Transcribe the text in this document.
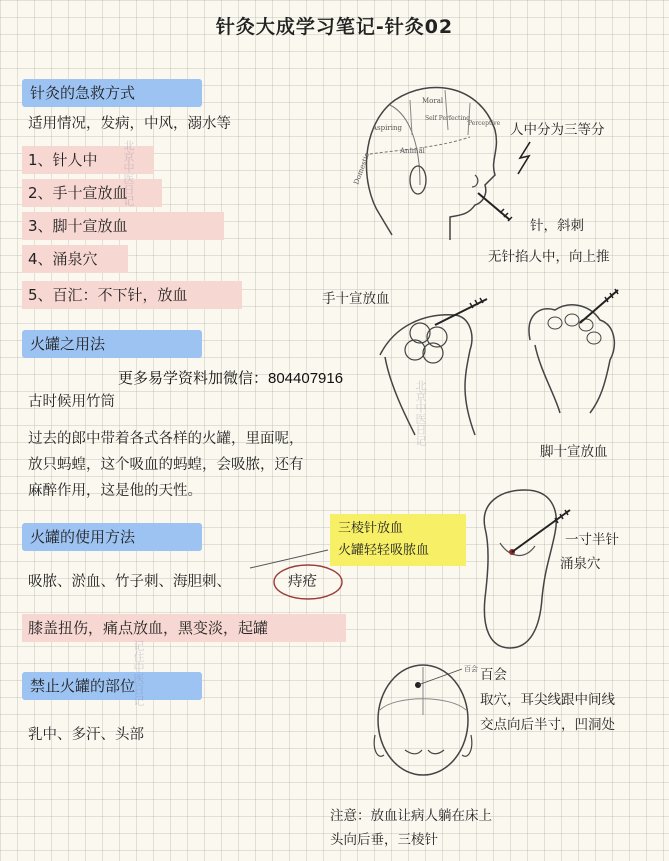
针灸大成学习笔记-针灸02
针灸的急救方式
适用情况，发病，中风，溺水等
1、针人中
2、手十宣放血
3、脚十宣放血
4、涌泉穴
5、百汇：不下针，放血
火罐之用法
更多易学资料加微信：804407916
古时候用竹筒
过去的郎中带着各式各样的火罐，里面呢，
放只蚂蝗，这个吸血的蚂蝗，会吸脓，还有
麻醉作用，这是他的天性。
火罐的使用方法	三棱针放血
火罐轻轻吸脓血
吸脓、淤血、竹子刺、海胆刺、	痔疮
膝盖扭伤，痛点放血，黑变淡，起罐
禁止火罐的部位
乳中、多汗、头部
北京中医日记
记住中医日记
北京中医日记
Moral
Self Perfecting
Perceptive
Animal
Aspiring
Domestic
人中分为三等分
针，斜刺
无针掐人中，向上推
手十宣放血
脚十宣放血
一寸半针
涌泉穴
百会 百会
取穴，耳尖线跟中间线
交点向后半寸，凹洞处
注意：放血让病人躺在床上
头向后垂，三棱针
